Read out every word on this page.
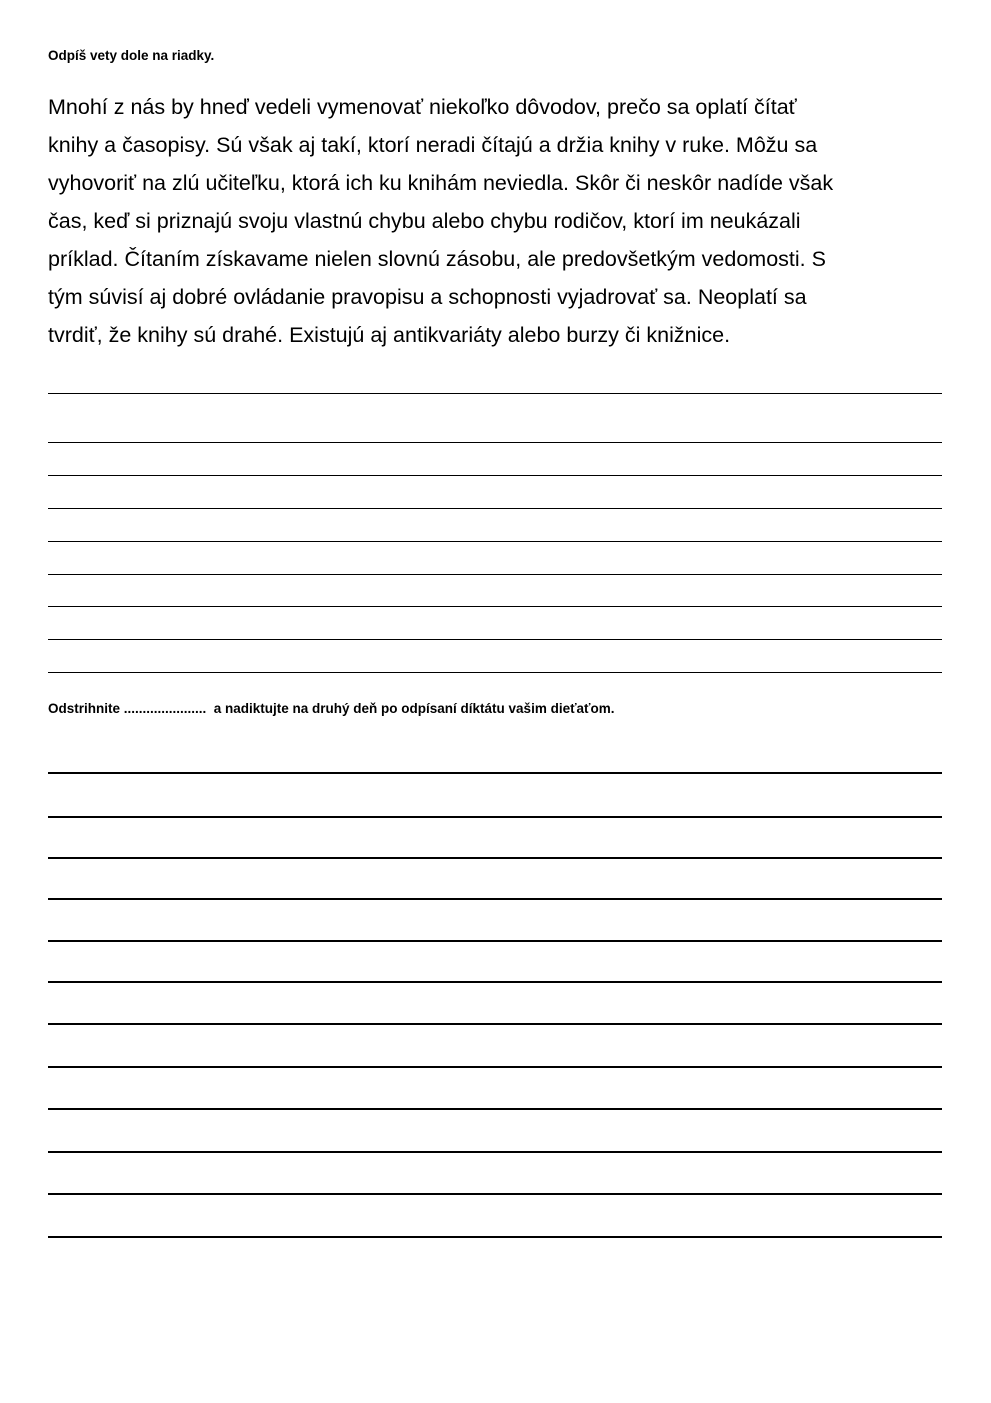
Odpíš vety dole na riadky.
Mnohí z nás by hneď vedeli vymenovať niekoľko dôvodov, prečo sa oplatí čítať
knihy a časopisy. Sú však aj takí, ktorí neradi čítajú a držia knihy v ruke. Môžu sa
vyhovoriť na zlú učiteľku, ktorá ich ku knihám neviedla. Skôr či neskôr nadíde však
čas, keď si priznajú svoju vlastnú chybu alebo chybu rodičov, ktorí im neukázali
príklad. Čítaním získavame nielen slovnú zásobu, ale predovšetkým vedomosti. S
tým súvisí aj dobré ovládanie pravopisu a schopnosti vyjadrovať sa. Neoplatí sa
tvrdiť, že knihy sú drahé. Existujú aj antikvariáty alebo burzy či knižnice.
Odstrihnite ......................  a nadiktujte na druhý deň po odpísaní díktátu vašim dieťaťom.
